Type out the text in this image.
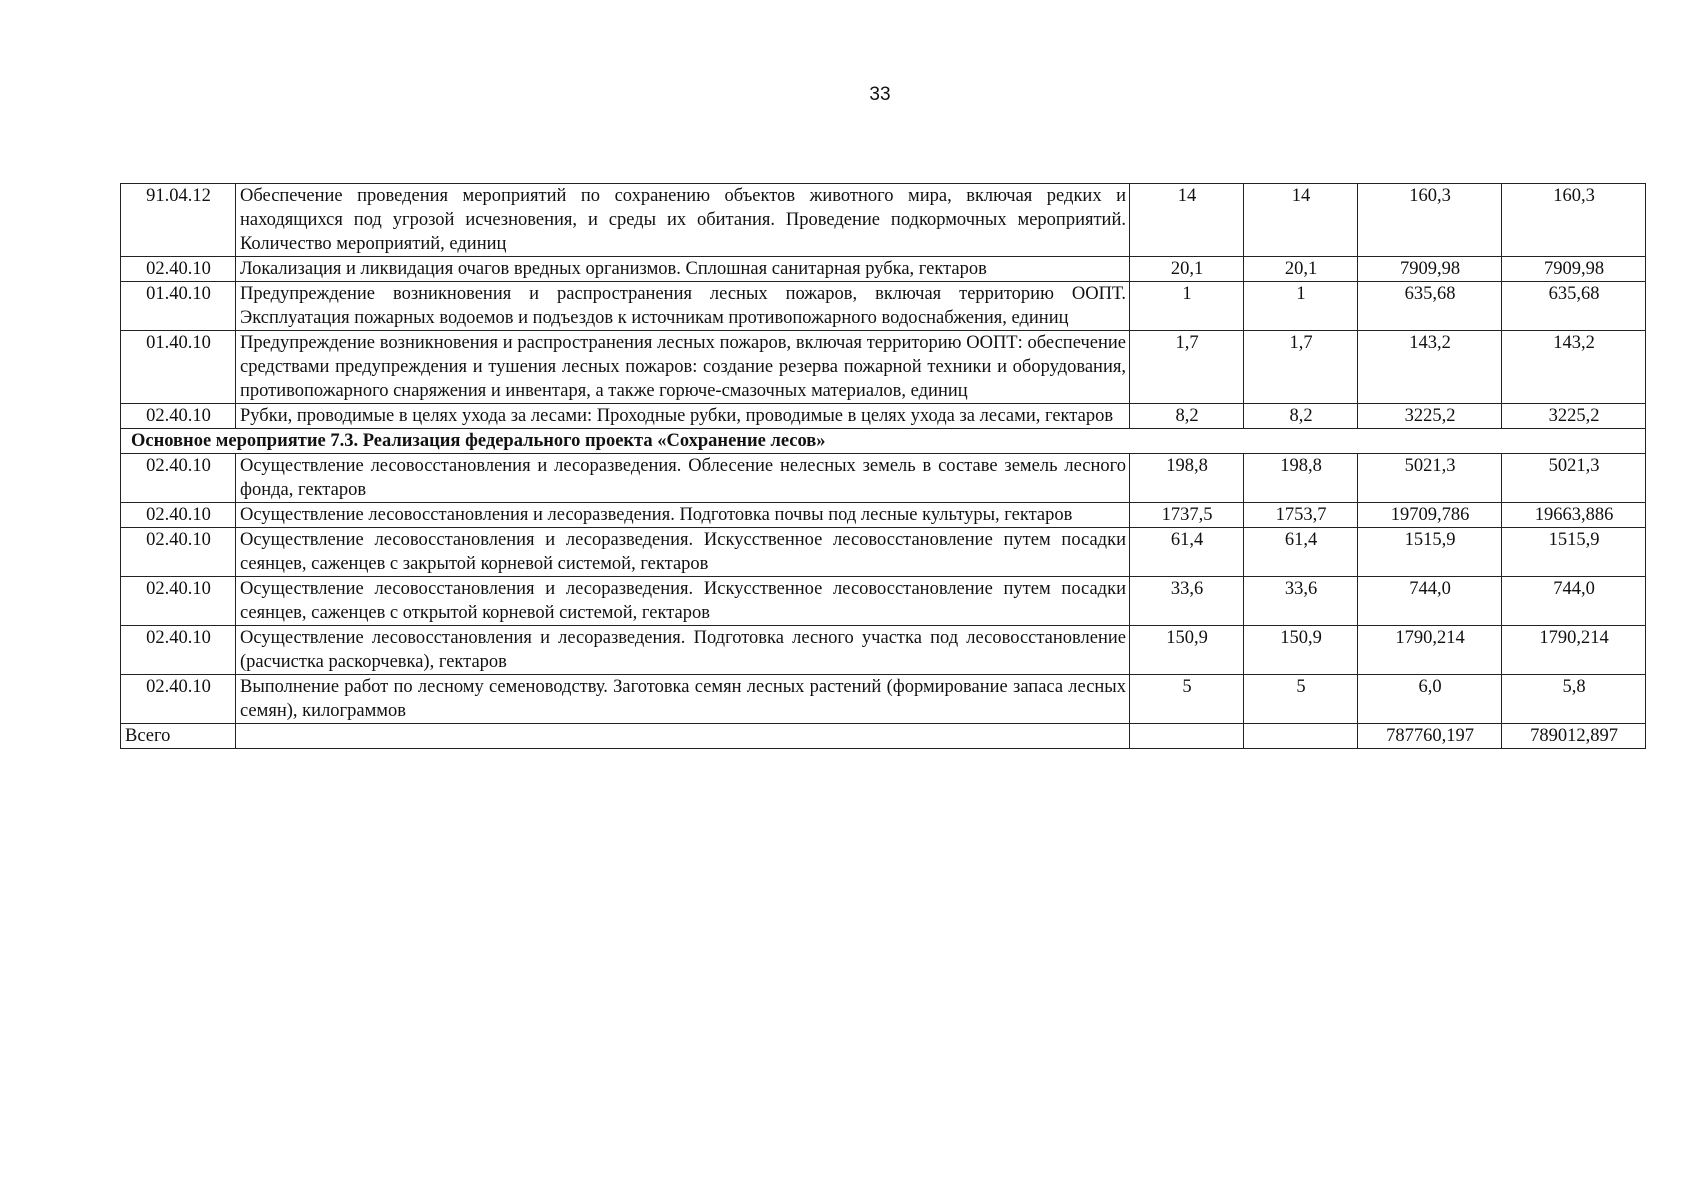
33
91.04.12	Обеспечение проведения мероприятий по сохранению объектов животного мира, включая редких и находящихся под угрозой исчезновения, и среды их обитания. Проведение подкормочных мероприятий. Количество мероприятий, единиц	14	14	160,3	160,3
02.40.10	Локализация и ликвидация очагов вредных организмов. Сплошная санитарная рубка, гектаров	20,1	20,1	7909,98	7909,98
01.40.10	Предупреждение возникновения и распространения лесных пожаров, включая территорию ООПТ. Эксплуатация пожарных водоемов и подъездов к источникам противопожарного водоснабжения, единиц	1	1	635,68	635,68
01.40.10	Предупреждение возникновения и распространения лесных пожаров, включая территорию ООПТ: обеспечение средствами предупреждения и тушения лесных пожаров: создание резерва пожарной техники и оборудования, противопожарного снаряжения и инвентаря, а также горюче-смазочных материалов, единиц	1,7	1,7	143,2	143,2
02.40.10	Рубки, проводимые в целях ухода за лесами: Проходные рубки, проводимые в целях ухода за лесами, гектаров	8,2	8,2	3225,2	3225,2
Основное мероприятие 7.3. Реализация федерального проекта «Сохранение лесов»					
02.40.10	Осуществление лесовосстановления и лесоразведения. Облесение нелесных земель в составе земель лесного фонда, гектаров	198,8	198,8	5021,3	5021,3
02.40.10	Осуществление лесовосстановления и лесоразведения. Подготовка почвы под лесные культуры, гектаров	1737,5	1753,7	19709,786	19663,886
02.40.10	Осуществление лесовосстановления и лесоразведения. Искусственное лесовосстановление путем посадки сеянцев, саженцев с закрытой корневой системой, гектаров	61,4	61,4	1515,9	1515,9
02.40.10	Осуществление лесовосстановления и лесоразведения. Искусственное лесовосстановление путем посадки сеянцев, саженцев с открытой корневой системой, гектаров	33,6	33,6	744,0	744,0
02.40.10	Осуществление лесовосстановления и лесоразведения. Подготовка лесного участка под лесовосстановление (расчистка раскорчевка), гектаров	150,9	150,9	1790,214	1790,214
02.40.10	Выполнение работ по лесному семеноводству. Заготовка семян лесных растений (формирование запаса лесных семян), килограммов	5	5	6,0	5,8
Всего				787760,197	789012,897
